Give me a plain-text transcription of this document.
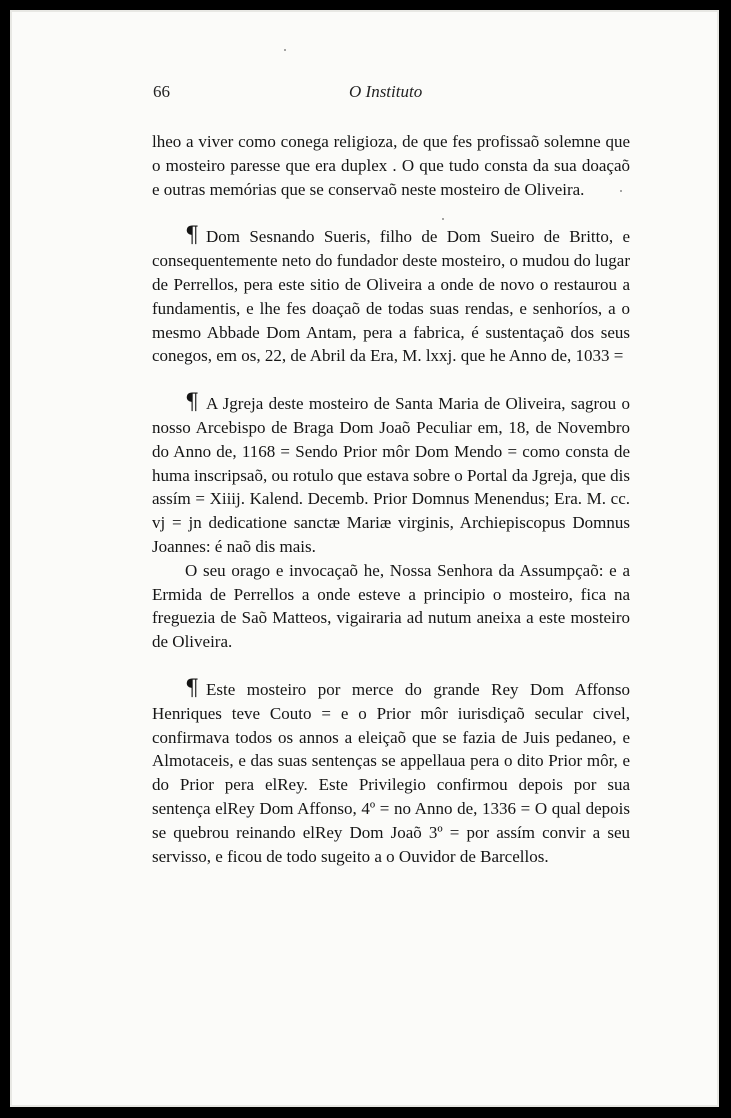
66	O Instituto

lheo a viver como conega religioza, de que fes profissaõ solemne que o mosteiro paresse que era duplex . O que tudo consta da sua doaçaõ e outras memórias que se conservaõ neste mosteiro de Oliveira.

¶ Dom Sesnando Sueris, filho de Dom Sueiro de Britto, e consequentemente neto do fundador deste mosteiro, o mudou do lugar de Perrellos, pera este sitio de Oliveira a onde de novo o restaurou a fundamentis, e lhe fes doaçaõ de todas suas rendas, e senhoríos, a o mesmo Abbade Dom Antam, pera a fabrica, é sustentaçaõ dos seus conegos, em os, 22, de Abril da Era, M. lxxj. que he Anno de, 1033 =

¶ A Jgreja deste mosteiro de Santa Maria de Oliveira, sagrou o nosso Arcebispo de Braga Dom Joaõ Peculiar em, 18, de Novembro do Anno de, 1168 = Sendo Prior môr Dom Mendo = como consta de huma inscripsaõ, ou rotulo que estava sobre o Portal da Jgreja, que dis assím = Xiiij. Kalend. Decemb. Prior Domnus Menendus; Era. M. cc. vj = jn dedicatione sanctæ Mariæ virginis, Archiepiscopus Domnus Joannes: é naõ dis mais.

O seu orago e invocaçaõ he, Nossa Senhora da Assumpçaõ: e a Ermida de Perrellos a onde esteve a principio o mosteiro, fica na freguezia de Saõ Matteos, vigairaria ad nutum aneixa a este mosteiro de Oliveira.

¶ Este mosteiro por merce do grande Rey Dom Affonso Henriques teve Couto = e o Prior môr iurisdiçaõ secular civel, confirmava todos os annos a eleiçaõ que se fazia de Juis pedaneo, e Almotaceis, e das suas sentenças se appellaua pera o dito Prior môr, e do Prior pera elRey. Este Privilegio confirmou depois por sua sentença elRey Dom Affonso, 4º = no Anno de, 1336 = O qual depois se quebrou reinando elRey Dom Joaõ 3º = por assím convir a seu servisso, e ficou de todo sugeito a o Ouvidor de Barcellos.
